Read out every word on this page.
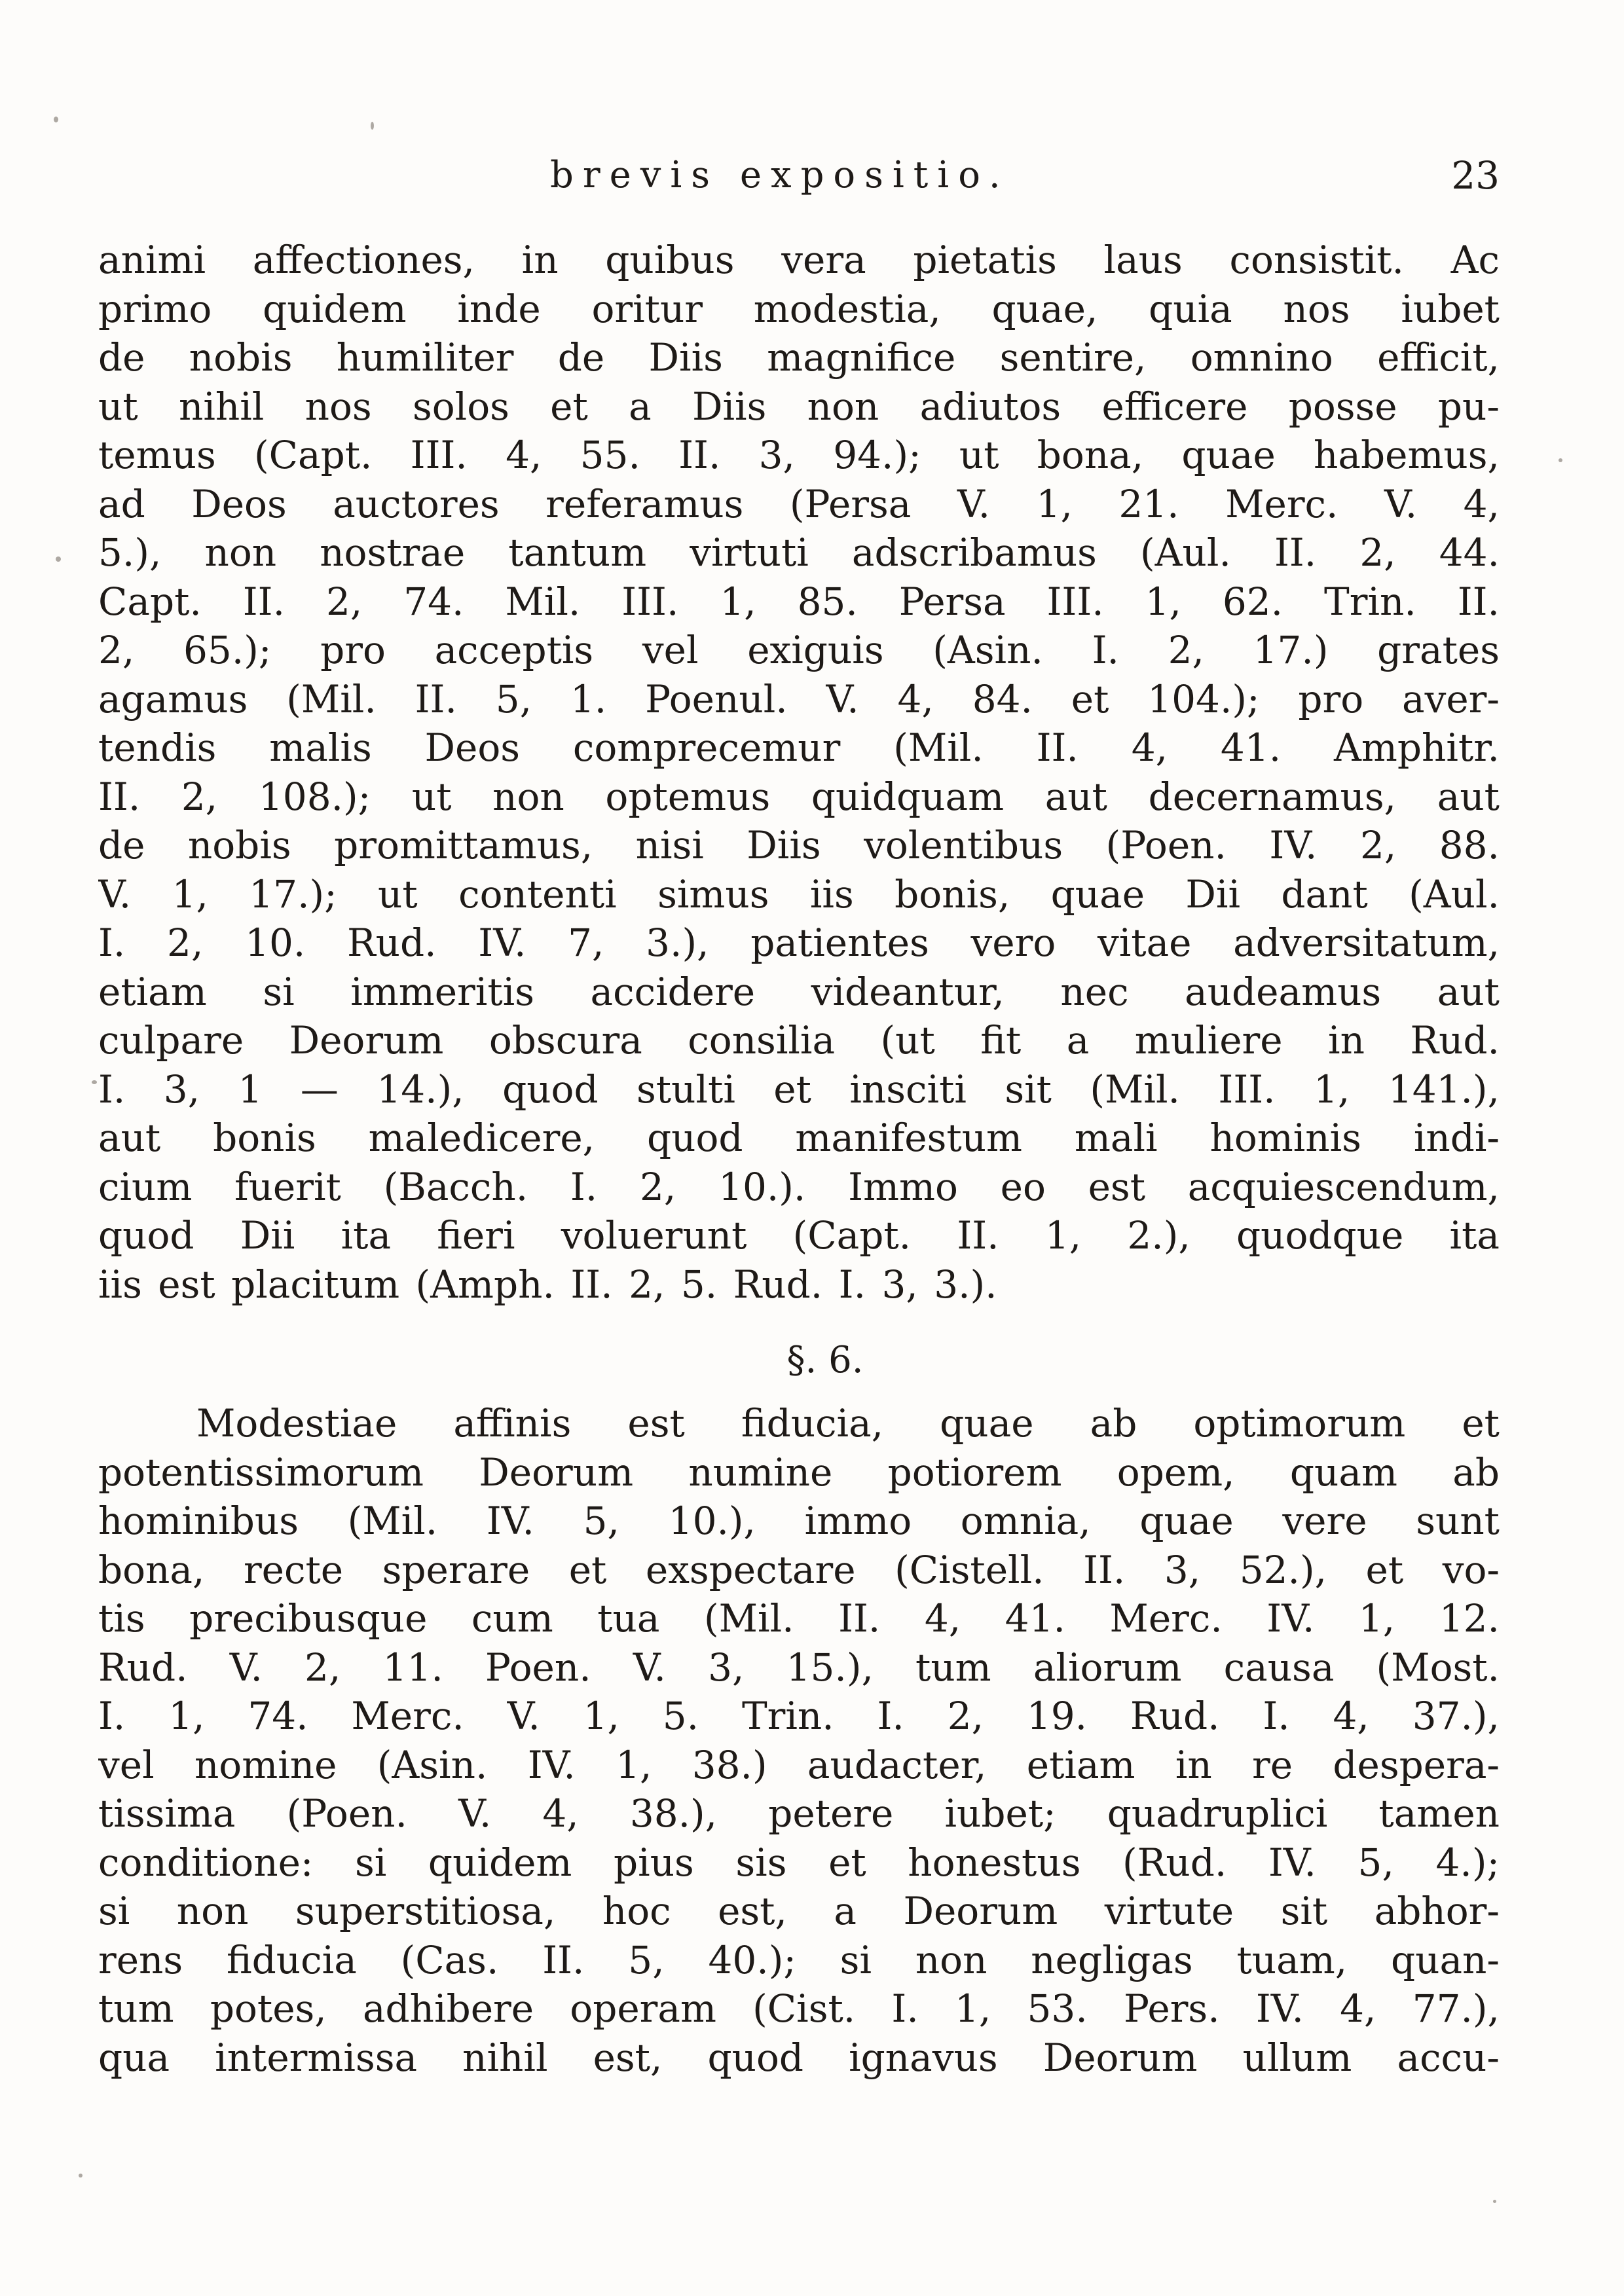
brevis expositio.	23
animi affectiones, in quibus vera pietatis laus consistit. Ac
primo quidem inde oritur modestia, quae, quia nos iubet
de nobis humiliter de Diis magnifice sentire, omnino efficit,
ut nihil nos solos et a Diis non adiutos efficere posse pu-
temus (Capt. III. 4, 55. II. 3, 94.); ut bona, quae habemus,
ad Deos auctores referamus (Persa V. 1, 21. Merc. V. 4,
5.), non nostrae tantum virtuti adscribamus (Aul. II. 2, 44.
Capt. II. 2, 74. Mil. III. 1, 85. Persa III. 1, 62. Trin. II.
2, 65.); pro acceptis vel exiguis (Asin. I. 2, 17.) grates
agamus (Mil. II. 5, 1. Poenul. V. 4, 84. et 104.); pro aver-
tendis malis Deos comprecemur (Mil. II. 4, 41. Amphitr.
II. 2, 108.); ut non optemus quidquam aut decernamus, aut
de nobis promittamus, nisi Diis volentibus (Poen. IV. 2, 88.
V. 1, 17.); ut contenti simus iis bonis, quae Dii dant (Aul.
I. 2, 10. Rud. IV. 7, 3.), patientes vero vitae adversitatum,
etiam si immeritis accidere videantur, nec audeamus aut
culpare Deorum obscura consilia (ut fit a muliere in Rud.
I. 3, 1 — 14.), quod stulti et insciti sit (Mil. III. 1, 141.),
aut bonis maledicere, quod manifestum mali hominis indi-
cium fuerit (Bacch. I. 2, 10.). Immo eo est acquiescendum,
quod Dii ita fieri voluerunt (Capt. II. 1, 2.), quodque ita
iis est placitum (Amph. II. 2, 5. Rud. I. 3, 3.).
§. 6.
Modestiae affinis est fiducia, quae ab optimorum et
potentissimorum Deorum numine potiorem opem, quam ab
hominibus (Mil. IV. 5, 10.), immo omnia, quae vere sunt
bona, recte sperare et exspectare (Cistell. II. 3, 52.), et vo-
tis precibusque cum tua (Mil. II. 4, 41. Merc. IV. 1, 12.
Rud. V. 2, 11. Poen. V. 3, 15.), tum aliorum causa (Most.
I. 1, 74. Merc. V. 1, 5. Trin. I. 2, 19. Rud. I. 4, 37.),
vel nomine (Asin. IV. 1, 38.) audacter, etiam in re despera-
tissima (Poen. V. 4, 38.), petere iubet; quadruplici tamen
conditione: si quidem pius sis et honestus (Rud. IV. 5, 4.);
si non superstitiosa, hoc est, a Deorum virtute sit abhor-
rens fiducia (Cas. II. 5, 40.); si non negligas tuam, quan-
tum potes, adhibere operam (Cist. I. 1, 53. Pers. IV. 4, 77.),
qua intermissa nihil est, quod ignavus Deorum ullum accu-
